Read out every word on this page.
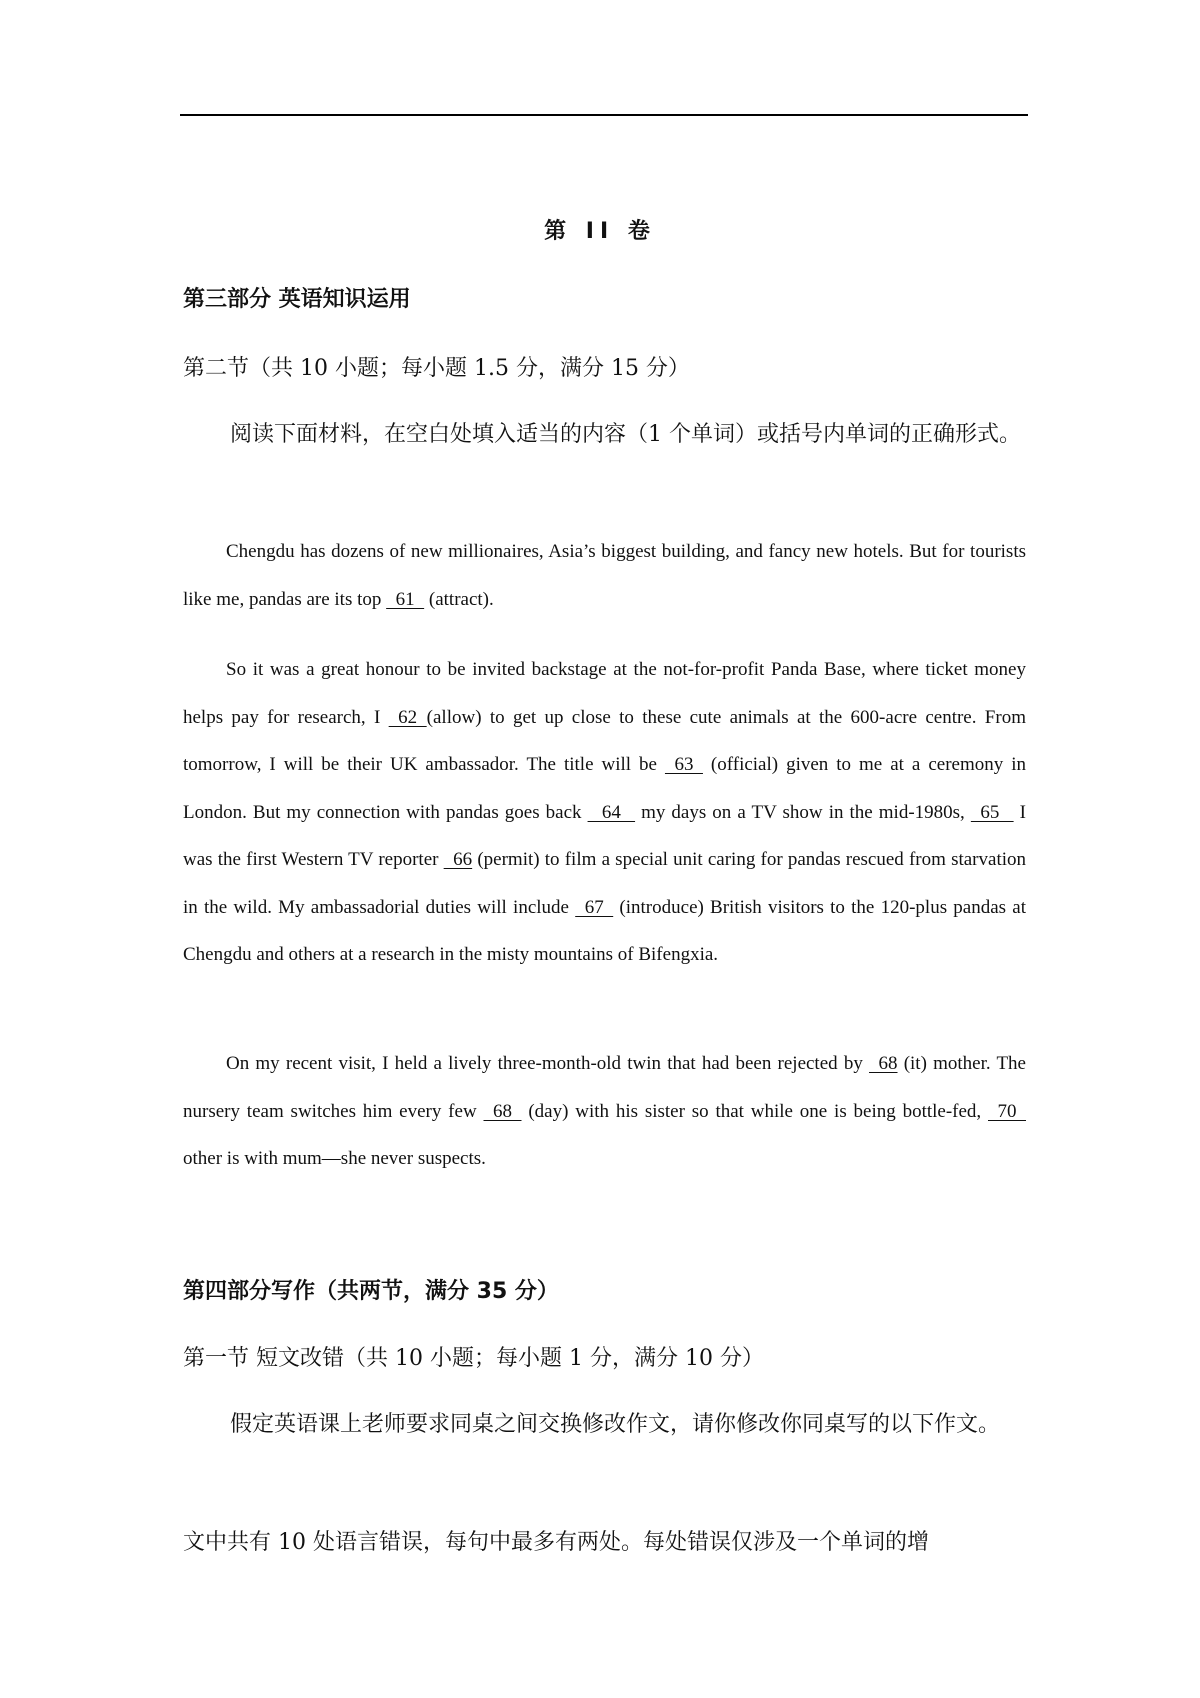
第 II 卷

第三部分 英语知识运用

第二节（共 10 小题；每小题 1.5 分，满分 15 分）

阅读下面材料，在空白处填入适当的内容（1 个单词）或括号内单词的正确形式。

Chengdu has dozens of new millionaires, Asia’s biggest building, and fancy new hotels. But for tourists like me, pandas are its top   61   (attract).

So it was a great honour to be invited backstage at the not-for-profit Panda Base, where ticket money helps pay for research, I   62  (allow) to get up close to these cute animals at the 600-acre centre. From tomorrow, I will be their UK ambassador. The title will be   63   (official) given to me at a ceremony in London. But my connection with pandas goes back    64    my days on a TV show in the mid-1980s,   65    I was the first Western TV reporter   66 (permit) to film a special unit caring for pandas rescued from starvation in the wild. My ambassadorial duties will include   67   (introduce) British visitors to the 120-plus pandas at Chengdu and others at a research in the misty mountains of Bifengxia.

On my recent visit, I held a lively three-month-old twin that had been rejected by   68 (it) mother. The nursery team switches him every few   68   (day) with his sister so that while one is being bottle-fed,   70   other is with mum—she never suspects.

第四部分写作（共两节，满分 35 分）

第一节 短文改错（共 10 小题；每小题 1 分，满分 10 分）

假定英语课上老师要求同桌之间交换修改作文，请你修改你同桌写的以下作文。

文中共有 10 处语言错误，每句中最多有两处。每处错误仅涉及一个单词的增
